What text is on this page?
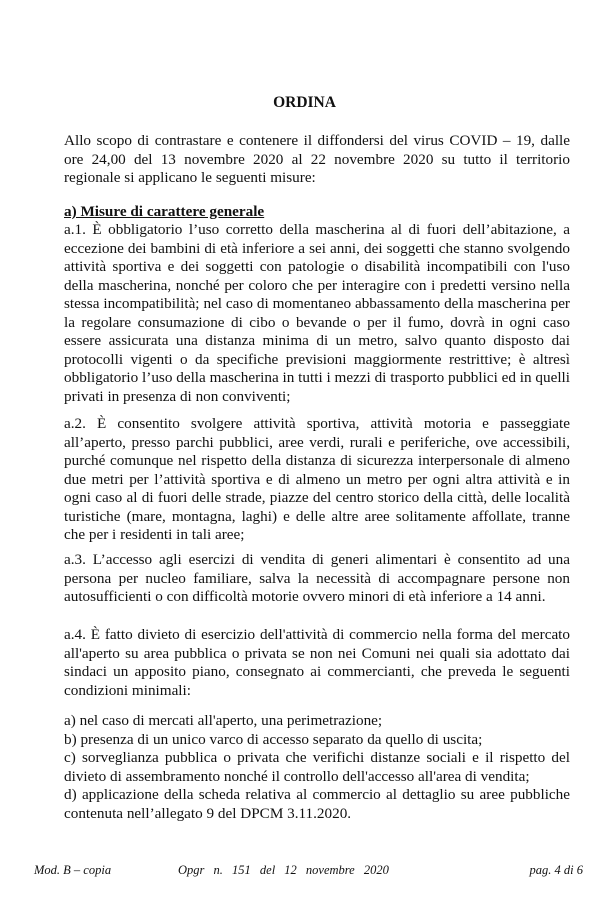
ORDINA

Allo scopo di contrastare e contenere il diffondersi del virus COVID – 19, dalle ore 24,00 del 13 novembre 2020 al 22 novembre 2020 su tutto il territorio regionale si applicano le seguenti misure:

a) Misure di carattere generale

a.1. È obbligatorio l’uso corretto della mascherina al di fuori dell’abitazione, a eccezione dei bambini di età inferiore a sei anni, dei soggetti che stanno svolgendo attività sportiva e dei soggetti con patologie o disabilità incompatibili con l'uso della mascherina, nonché per coloro che per interagire con i predetti versino nella stessa incompatibilità; nel caso di momentaneo abbassamento della mascherina per la regolare consumazione di cibo o bevande o per il fumo, dovrà in ogni caso essere assicurata una distanza minima di un metro, salvo quanto disposto dai protocolli vigenti o da specifiche previsioni maggiormente restrittive; è altresì obbligatorio l’uso della mascherina in tutti i mezzi di trasporto pubblici ed in quelli privati in presenza di non conviventi;

a.2. È consentito svolgere attività sportiva, attività motoria e passeggiate all’aperto, presso parchi pubblici, aree verdi, rurali e periferiche, ove accessibili, purché comunque nel rispetto della distanza di sicurezza interpersonale di almeno due metri per l’attività sportiva e di almeno un metro per ogni altra attività e in ogni caso al di fuori delle strade, piazze del centro storico della città, delle località turistiche (mare, montagna, laghi) e delle altre aree solitamente affollate, tranne che per i residenti in tali aree;

a.3. L’accesso agli esercizi di vendita di generi alimentari è consentito ad una persona per nucleo familiare, salva la necessità di accompagnare persone non autosufficienti o con difficoltà motorie ovvero minori di età inferiore a 14 anni.

a.4. È fatto divieto di esercizio dell'attività di commercio nella forma del mercato all'aperto su area pubblica o privata se non nei Comuni nei quali sia adottato dai sindaci un apposito piano, consegnato ai commercianti, che preveda le seguenti condizioni minimali:

a) nel caso di mercati all'aperto, una perimetrazione;

b) presenza di un unico varco di accesso separato da quello di uscita;

c) sorveglianza pubblica o privata che verifichi distanze sociali e il rispetto del divieto di assembramento nonché il controllo dell'accesso all'area di vendita;

d) applicazione della scheda relativa al commercio al dettaglio su aree pubbliche contenuta nell’allegato 9 del DPCM 3.11.2020.

Mod. B – copia	Opgr n. 151 del 12 novembre 2020	pag. 4 di 6
